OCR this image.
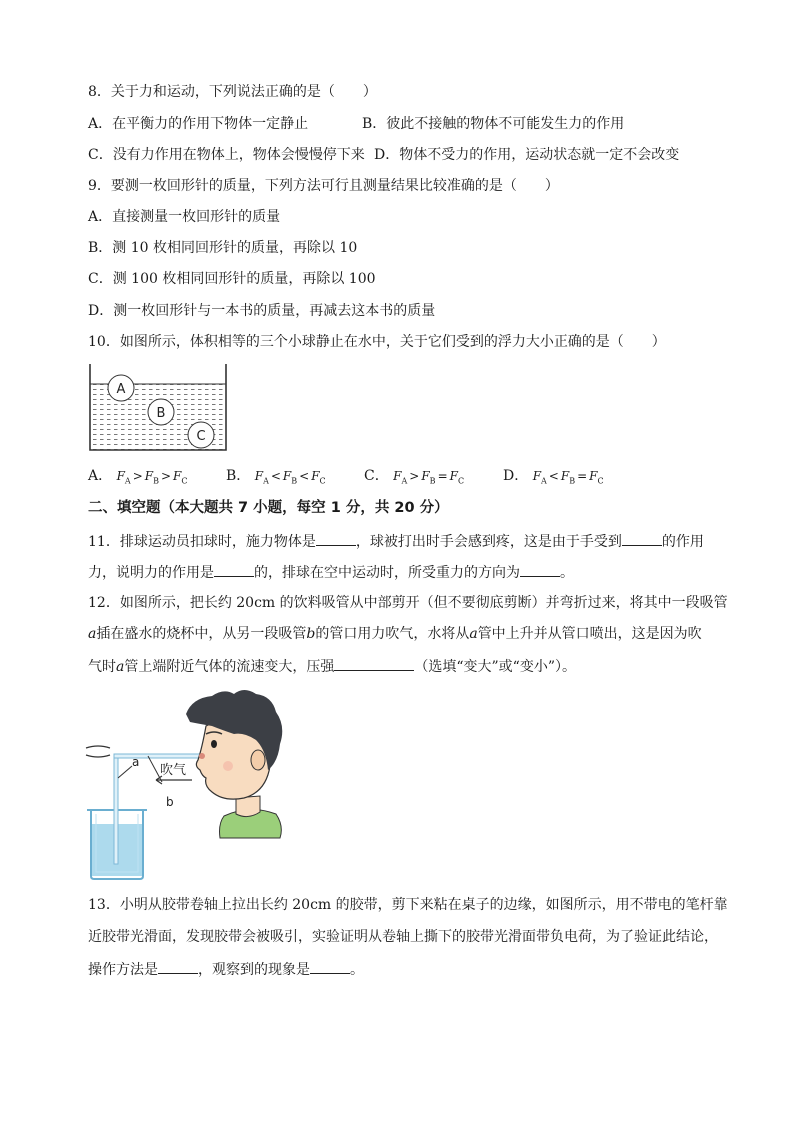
8．关于力和运动，下列说法正确的是（　　）
A．在平衡力的作用下物体一定静止	B．彼此不接触的物体不可能发生力的作用
C．没有力作用在物体上，物体会慢慢停下来 D．物体不受力的作用，运动状态就一定不会改变
9．要测一枚回形针的质量，下列方法可行且测量结果比较准确的是（　　）
A．直接测量一枚回形针的质量
B．测 10 枚相同回形针的质量，再除以 10
C．测 100 枚相同回形针的质量，再除以 100
D．测一枚回形针与一本书的质量，再减去这本书的质量
10．如图所示，体积相等的三个小球静止在水中，关于它们受到的浮力大小正确的是（　　）
A
B
C
A． $F_A > F_B > F_C$	B． $F_A < F_B < F_C$	C． $F_A > F_B = F_C$	D． $F_A < F_B = F_C$
二、填空题（本大题共 7 小题，每空 1 分，共 20 分）
11．排球运动员扣球时，施力物体是	，球被打出时手会感到疼，这是由于手受到	的作用
力，说明力的作用是	的，排球在空中运动时，所受重力的方向为	。
12．如图所示，把长约 20cm 的饮料吸管从中部剪开（但不要彻底剪断）并弯折过来，将其中一段吸管
a插在盛水的烧杯中，从另一段吸管b的管口用力吹气，水将从a管中上升并从管口喷出，这是因为吹
气时a管上端附近气体的流速变大，压强	（选填“变大”或“变小”）。
a
b
吹气
13．小明从胶带卷轴上拉出长约 20cm 的胶带，剪下来粘在桌子的边缘，如图所示，用不带电的笔杆靠
近胶带光滑面，发现胶带会被吸引，实验证明从卷轴上撕下的胶带光滑面带负电荷，为了验证此结论，
操作方法是	，观察到的现象是	。
